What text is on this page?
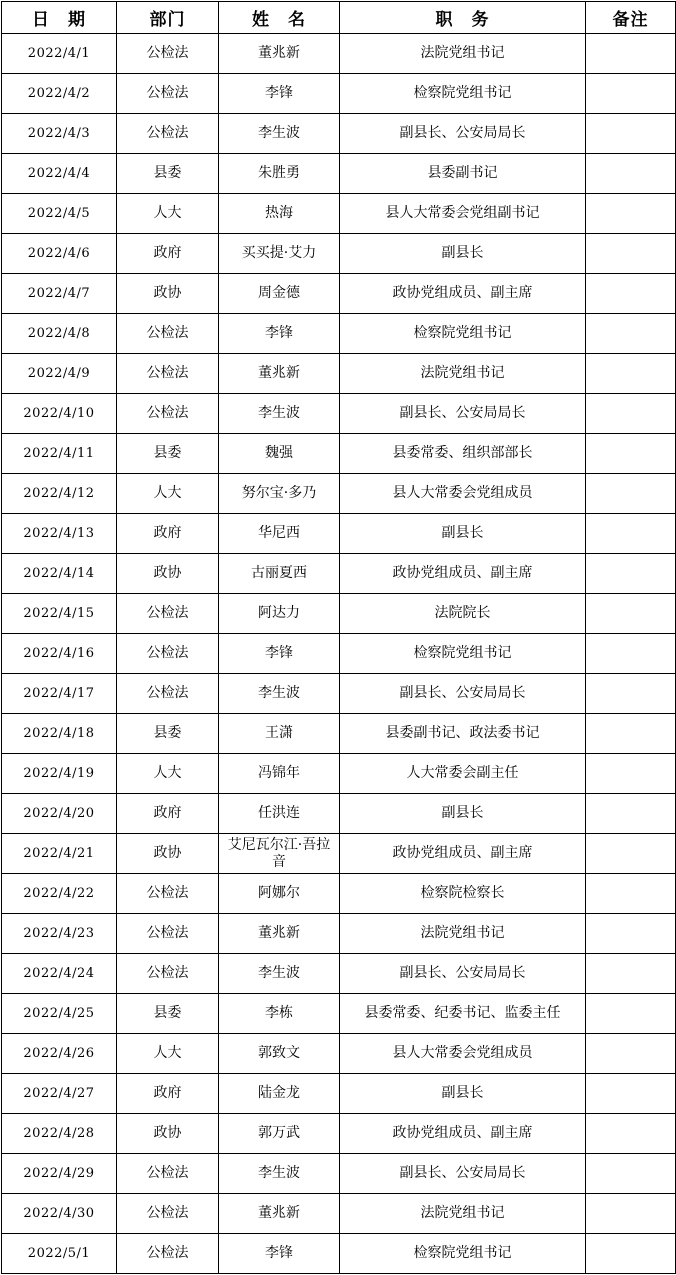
日　期	部门	姓　名	职　务	备注
2022/4/1	公检法	董兆新	法院党组书记	
2022/4/2	公检法	李锋	检察院党组书记	
2022/4/3	公检法	李生波	副县长、公安局局长	
2022/4/4	县委	朱胜勇	县委副书记	
2022/4/5	人大	热海	县人大常委会党组副书记	
2022/4/6	政府	买买提·艾力	副县长	
2022/4/7	政协	周金德	政协党组成员、副主席	
2022/4/8	公检法	李锋	检察院党组书记	
2022/4/9	公检法	董兆新	法院党组书记	
2022/4/10	公检法	李生波	副县长、公安局局长	
2022/4/11	县委	魏强	县委常委、组织部部长	
2022/4/12	人大	努尔宝·多乃	县人大常委会党组成员	
2022/4/13	政府	华尼西	副县长	
2022/4/14	政协	古丽夏西	政协党组成员、副主席	
2022/4/15	公检法	阿达力	法院院长	
2022/4/16	公检法	李锋	检察院党组书记	
2022/4/17	公检法	李生波	副县长、公安局局长	
2022/4/18	县委	王潇	县委副书记、政法委书记	
2022/4/19	人大	冯锦年	人大常委会副主任	
2022/4/20	政府	任洪连	副县长	
2022/4/21	政协	艾尼瓦尔江·吾拉音	政协党组成员、副主席	
2022/4/22	公检法	阿娜尔	检察院检察长	
2022/4/23	公检法	董兆新	法院党组书记	
2022/4/24	公检法	李生波	副县长、公安局局长	
2022/4/25	县委	李栋	县委常委、纪委书记、监委主任	
2022/4/26	人大	郭致文	县人大常委会党组成员	
2022/4/27	政府	陆金龙	副县长	
2022/4/28	政协	郭万武	政协党组成员、副主席	
2022/4/29	公检法	李生波	副县长、公安局局长	
2022/4/30	公检法	董兆新	法院党组书记	
2022/5/1	公检法	李锋	检察院党组书记	
